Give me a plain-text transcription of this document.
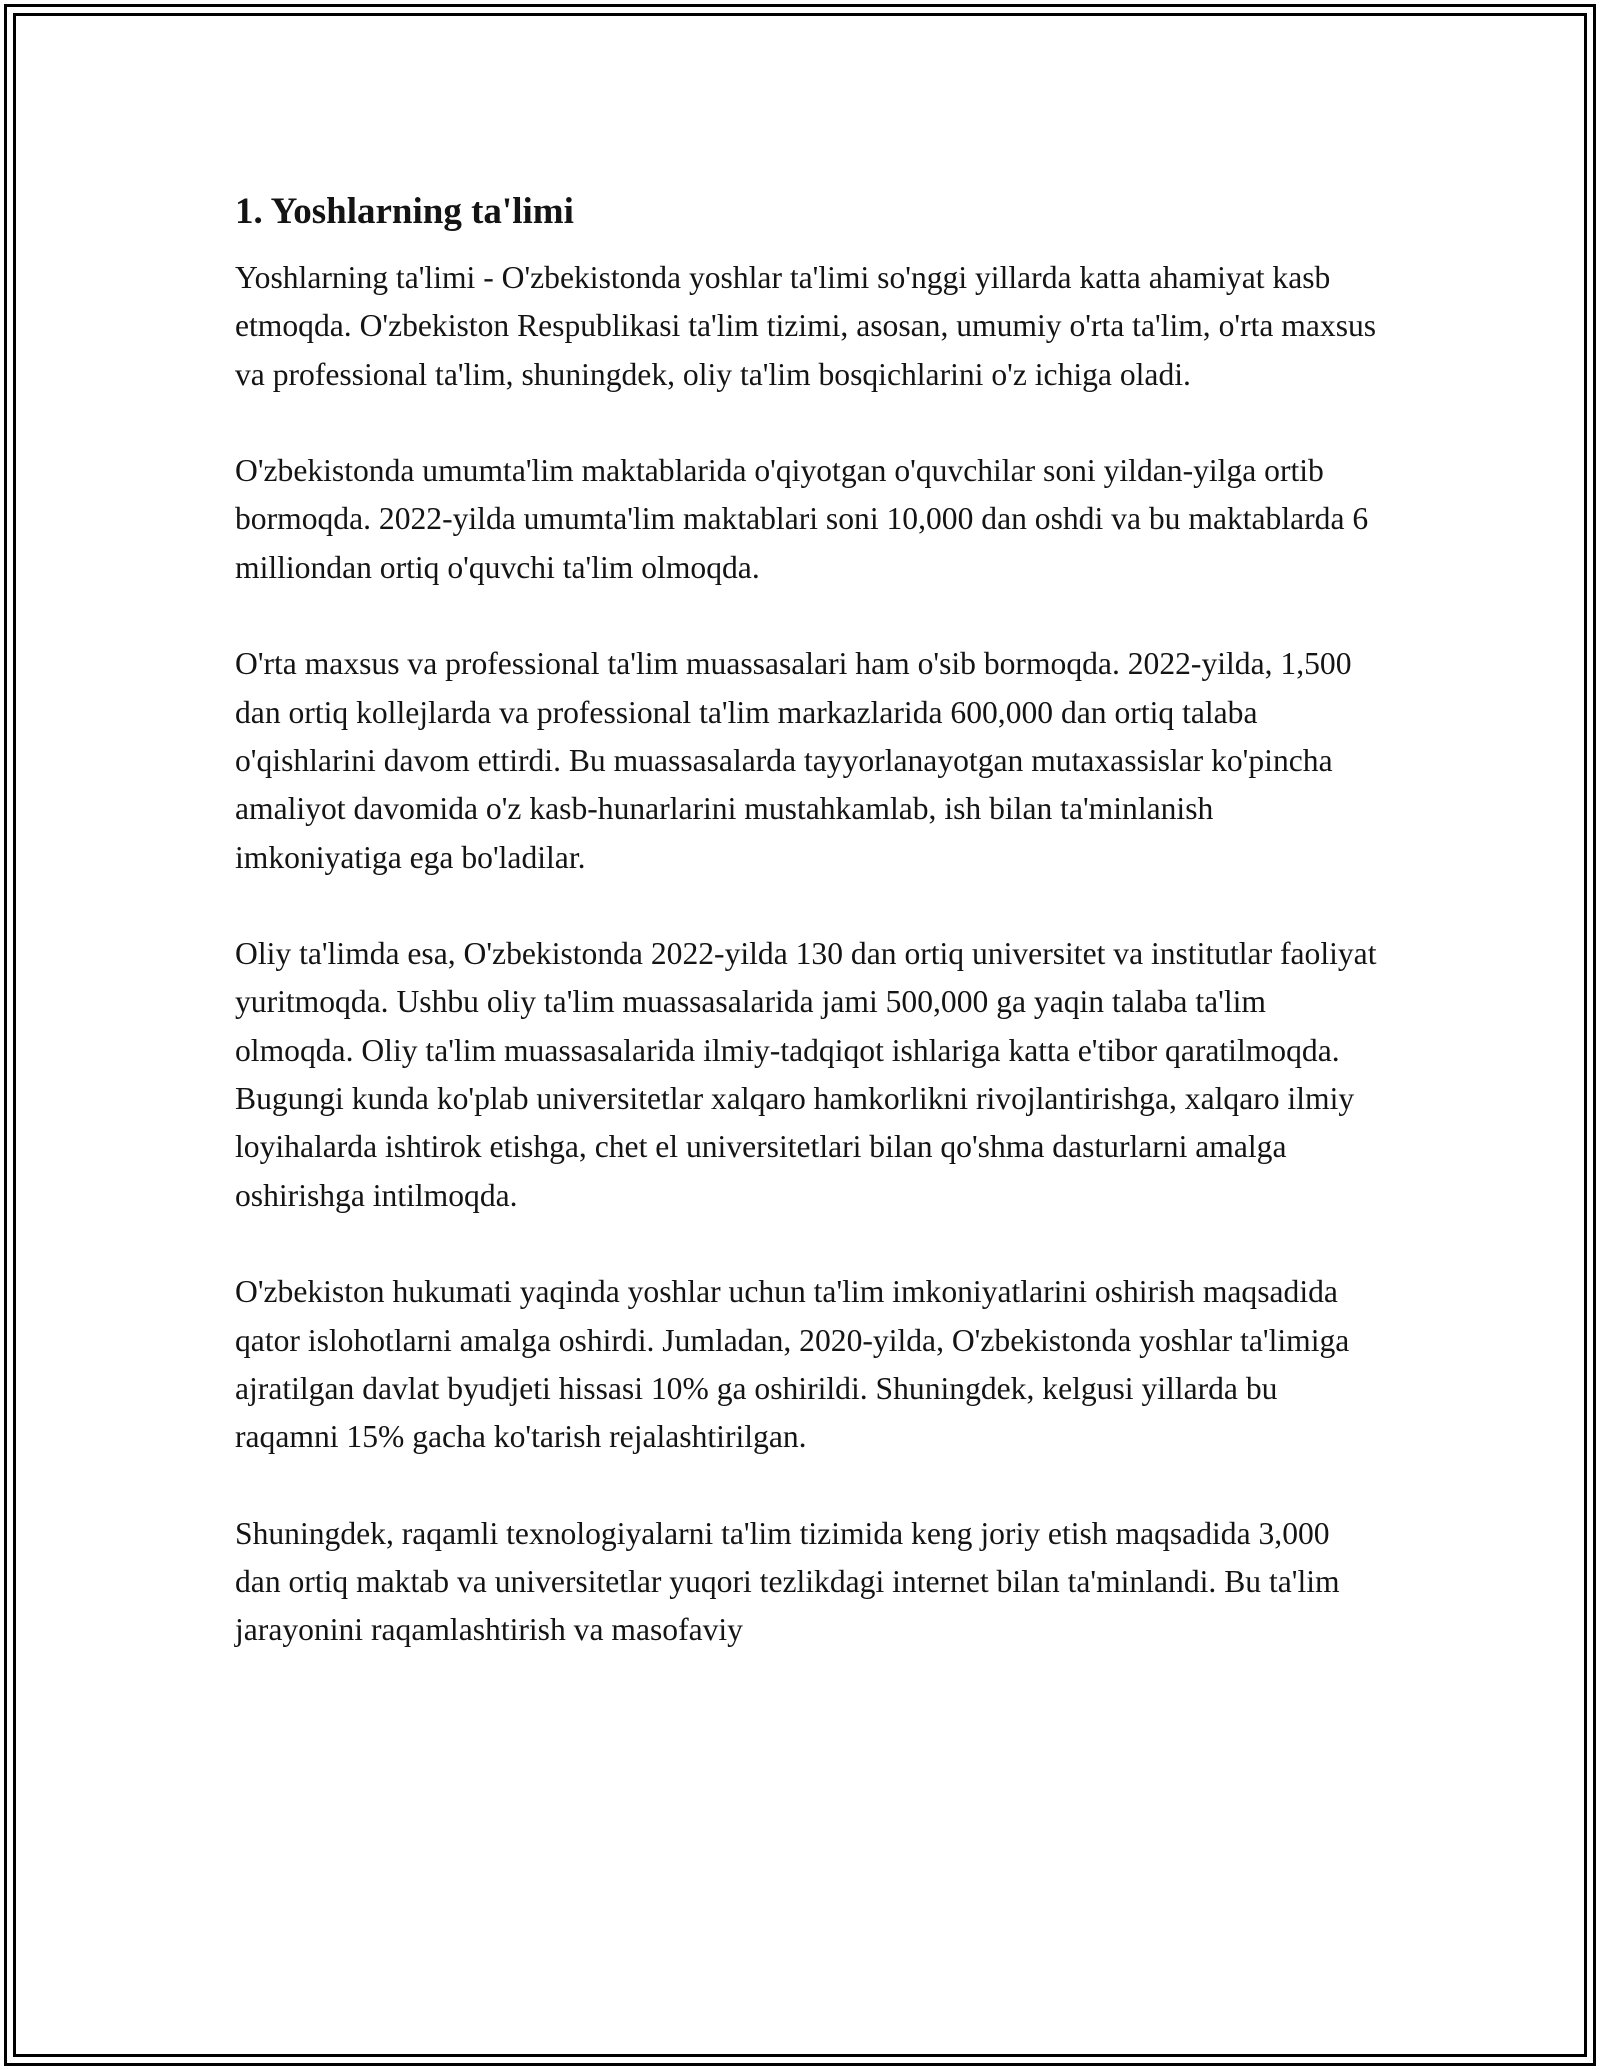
1. Yoshlarning ta'limi

Yoshlarning ta'limi - O'zbekistonda yoshlar ta'limi so'nggi yillarda katta ahamiyat kasb etmoqda. O'zbekiston Respublikasi ta'lim tizimi, asosan, umumiy o'rta ta'lim, o'rta maxsus va professional ta'lim, shuningdek, oliy ta'lim bosqichlarini o'z ichiga oladi.

O'zbekistonda umumta'lim maktablarida o'qiyotgan o'quvchilar soni yildan-yilga ortib bormoqda. 2022-yilda umumta'lim maktablari soni 10,000 dan oshdi va bu maktablarda 6 milliondan ortiq o'quvchi ta'lim olmoqda.

O'rta maxsus va professional ta'lim muassasalari ham o'sib bormoqda. 2022-yilda, 1,500 dan ortiq kollejlarda va professional ta'lim markazlarida 600,000 dan ortiq talaba o'qishlarini davom ettirdi. Bu muassasalarda tayyorlanayotgan mutaxassislar ko'pincha amaliyot davomida o'z kasb-hunarlarini mustahkamlab, ish bilan ta'minlanish imkoniyatiga ega bo'ladilar.

Oliy ta'limda esa, O'zbekistonda 2022-yilda 130 dan ortiq universitet va institutlar faoliyat yuritmoqda. Ushbu oliy ta'lim muassasalarida jami 500,000 ga yaqin talaba ta'lim olmoqda. Oliy ta'lim muassasalarida ilmiy-tadqiqot ishlariga katta e'tibor qaratilmoqda. Bugungi kunda ko'plab universitetlar xalqaro hamkorlikni rivojlantirishga, xalqaro ilmiy loyihalarda ishtirok etishga, chet el universitetlari bilan qo'shma dasturlarni amalga oshirishga intilmoqda.

O'zbekiston hukumati yaqinda yoshlar uchun ta'lim imkoniyatlarini oshirish maqsadida qator islohotlarni amalga oshirdi. Jumladan, 2020-yilda, O'zbekistonda yoshlar ta'limiga ajratilgan davlat byudjeti hissasi 10% ga oshirildi. Shuningdek, kelgusi yillarda bu raqamni 15% gacha ko'tarish rejalashtirilgan.

Shuningdek, raqamli texnologiyalarni ta'lim tizimida keng joriy etish maqsadida 3,000 dan ortiq maktab va universitetlar yuqori tezlikdagi internet bilan ta'minlandi. Bu ta'lim jarayonini raqamlashtirish va masofaviy
